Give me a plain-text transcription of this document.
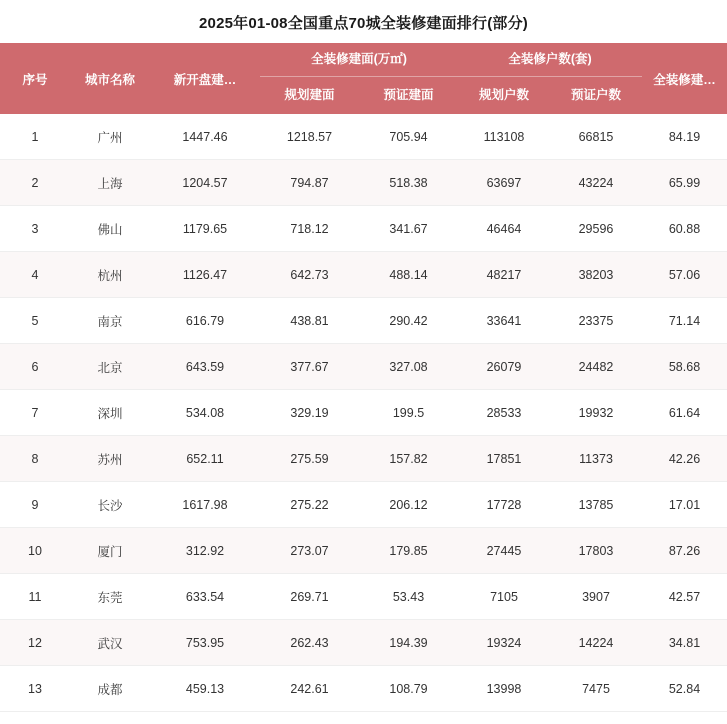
2025年01-08全国重点70城全装修建面排行(部分)
序号	城市名称	新开盘建…

全装修建面(万㎡)
规划建面	预证建面

全装修户数(套)
规划户数	预证户数

全装修建…

1	广州	1447.46	1218.57	705.94	113108	66815	84.19
2	上海	1204.57	794.87	518.38	63697	43224	65.99
3	佛山	1179.65	718.12	341.67	46464	29596	60.88
4	杭州	1126.47	642.73	488.14	48217	38203	57.06
5	南京	616.79	438.81	290.42	33641	23375	71.14
6	北京	643.59	377.67	327.08	26079	24482	58.68
7	深圳	534.08	329.19	199.5	28533	19932	61.64
8	苏州	652.11	275.59	157.82	17851	11373	42.26
9	长沙	1617.98	275.22	206.12	17728	13785	17.01
10	厦门	312.92	273.07	179.85	27445	17803	87.26
11	东莞	633.54	269.71	53.43	7105	3907	42.57
12	武汉	753.95	262.43	194.39	19324	14224	34.81
13	成都	459.13	242.61	108.79	13998	7475	52.84
